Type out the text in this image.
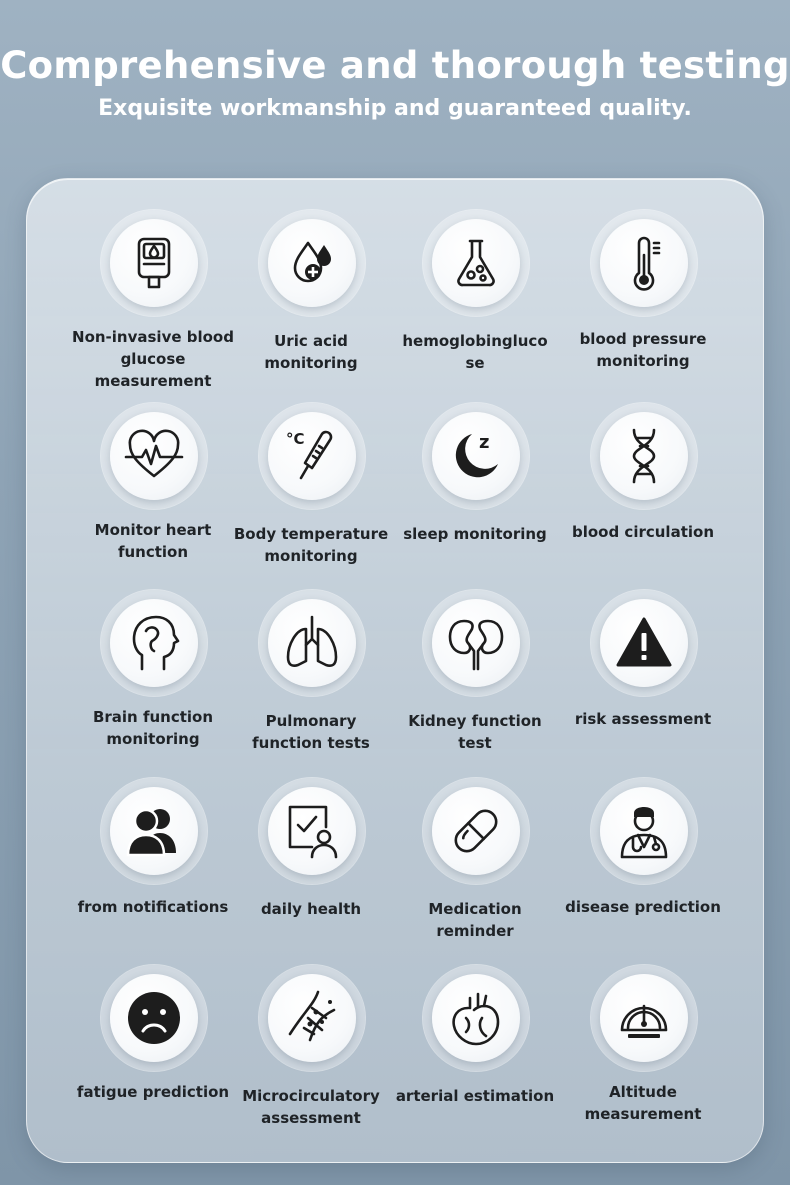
Comprehensive and thorough testing
Exquisite workmanship and guaranteed quality.
Non-invasive blood glucose measurement
Uric acid monitoring
hemoglobingluco se
blood pressure monitoring
Monitor heart function
°C
Body temperature monitoring
z
sleep monitoring	blood circulation
Brain function monitoring
Pulmonary function tests
Kidney function test
risk assessment
from notifications	daily health	Medication reminder
disease prediction
fatigue prediction Microcirculatory assessment
arterial estimation	Altitude measurement
